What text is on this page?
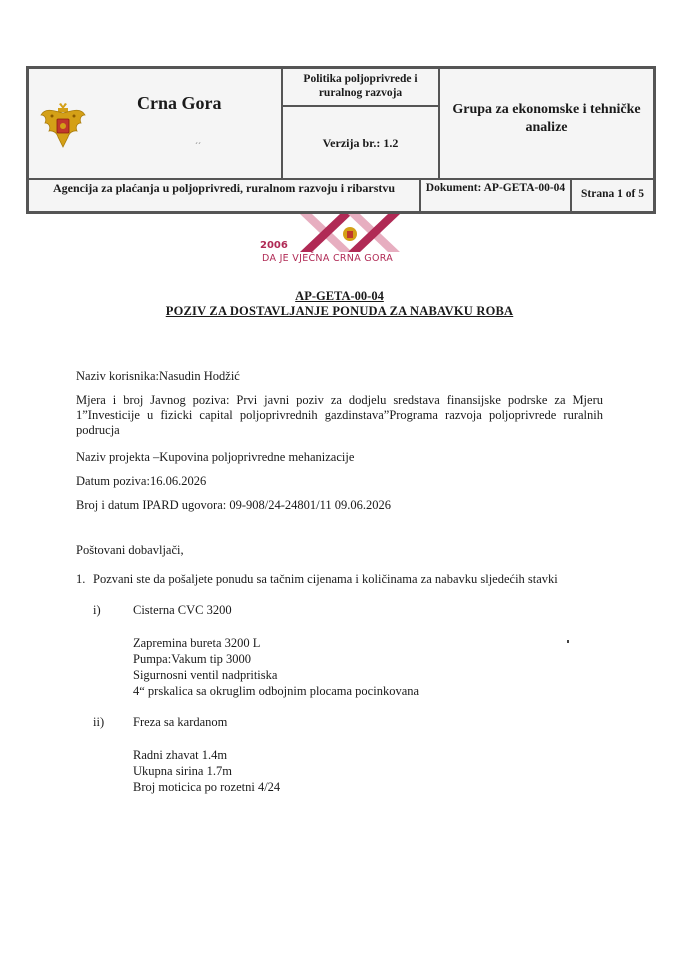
Crna Gora
´´
Politika poljoprivrede i ruralnog razvoja
Verzija br.: 1.2
Grupa za ekonomske i tehničke analize
Agencija za plaćanja u poljoprivredi, ruralnom razvoju i ribarstvu	Dokument: AP-GETA-00-04	Strana 1 of 5
2006
DA JE VJEČNA CRNA GORA
AP-GETA-00-04
POZIV ZA DOSTAVLJANJE PONUDA ZA NABAVKU ROBA
Naziv korisnika:Nasudin Hodžić
Mjera i broj Javnog poziva: Prvi javni poziv za dodjelu sredstava finansijske podrske za Mjeru 1”Investicije u fizicki capital poljoprivrednih gazdinstava”Programa razvoja poljoprivrede ruralnih podrucja
Naziv projekta –Kupovina poljoprivredne mehanizacije
Datum poziva:16.06.2026
Broj i datum IPARD ugovora: 09-908/24-24801/11 09.06.2026
Poštovani dobavljači,
1. Pozvani ste da pošaljete ponudu sa tačnim cijenama i količinama za nabavku sljedećih stavki
i)	Cisterna CVC 3200
Zapremina bureta 3200 L
Pumpa:Vakum tip 3000
Sigurnosni ventil nadpritiska
4“ prskalica sa okruglim odbojnim plocama pocinkovana
ii) Freza sa kardanom
Radni zhavat 1.4m
Ukupna sirina 1.7m
Broj moticica po rozetni 4/24
